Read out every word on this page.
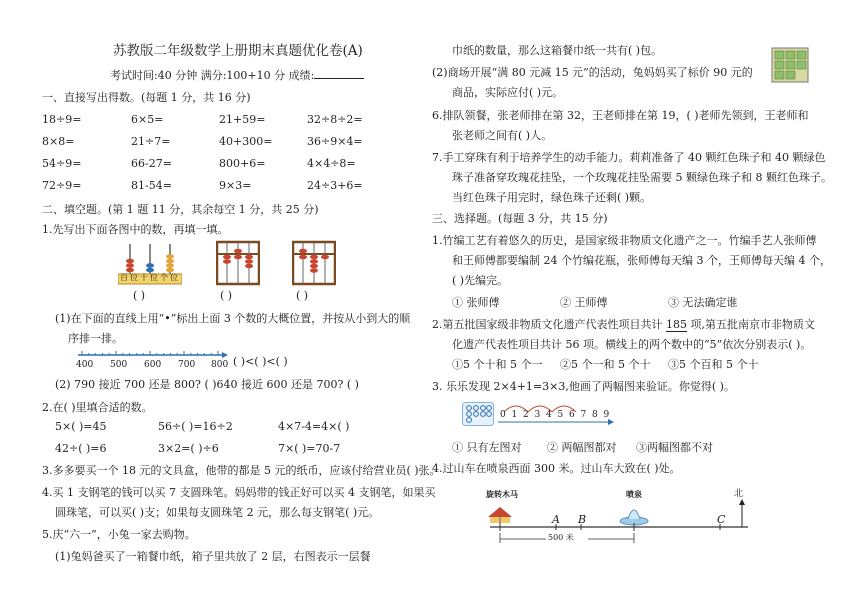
苏教版二年级数学上册期末真题优化卷(A)
考试时间:40 分钟 满分:100+10 分 成绩:
一、直接写出得数。(每题 1 分，共 16 分)
二、填空题。(第 1 题 11 分，其余每空 1 分，共 25 分)
1.先写出下面各图中的数，再填一填。
百位十位个位
( )	( )	( )
(1)在下面的直线上用“•”标出上面 3 个数的大概位置，并按从小到大的顺
序排一排。
400 500 600 700 800 ( )<( )<( )
(2) 790 接近 700 还是 800? ( )640 接近 600 还是 700? ( )
2.在( )里填合适的数。
5×( )=45	56÷( )=16÷2	4×7-4=4×( )
42÷( )=6	3×2=( )÷6	7×( )=70-7
3.多多要买一个 18 元的文具盒，他带的都是 5 元的纸币，应该付给营业员( )张。
4.买 1 支钢笔的钱可以买 7 支圆珠笔。妈妈带的钱正好可以买 4 支钢笔，如果买
圆珠笔，可以买( )支；如果每支圆珠笔 2 元，那么每支钢笔( )元。
5.庆“六一”，小兔一家去购物。
(1)兔妈爸买了一箱餐巾纸，箱子里共放了 2 层，右图表示一层餐
巾纸的数量，那么这箱餐巾纸一共有( )包。
(2)商场开展“满 80 元减 15 元”的活动，兔妈妈买了标价 90 元的
商品，实际应付( )元。
6.排队领餐，张老师排在第 32，王老师排在第 19，( )老师先领到，王老师和
张老师之间有( )人。
7.手工穿珠有利于培养学生的动手能力。莉莉准备了 40 颗红色珠子和 40 颗绿色
珠子准备穿玫瑰花挂坠，一个玫瑰花挂坠需要 5 颗绿色珠子和 8 颗红色珠子。
当红色珠子用完时，绿色珠子还剩( )颗。
三、选择题。(每题 3 分，共 15 分)
1.竹编工艺有着悠久的历史，是国家级非物质文化遗产之一。竹编手艺人张师傅
和王师傅都要编制 24 个竹编花瓶，张师傅每天编 3 个，王师傅每天编 4 个，
( )先编完。
① 张师傅	② 王师傅	③ 无法确定谁
2.第五批国家级非物质文化遗产代表性项目共计 185 项,第五批南京市非物质文
化遗产代表性项目共计 56 项。横线上的两个数中的“5”依次分别表示( )。
①5 个十和 5 个一 ②5 个一和 5 个十 ③5 个百和 5 个十
3. 乐乐发现 2×4+1=3×3,他画了两幅图来验证。你觉得( )。
0 1 2 3 4 5 6 7 8 9
① 只有左图对 ② 两幅图都对 ③两幅图都不对
4.过山车在喷泉西面 300 米。过山车大致在( )处。
旋转木马	喷泉	北
A B	C
500 米
18÷9=	6×5=	21+59=	32÷8÷2=
8×8=	21÷7=	40+300=	36÷9×4=
54÷9=	66-27=	800+6=	4×4÷8=
72÷9=	81-54=	9×3=	24÷3+6=
